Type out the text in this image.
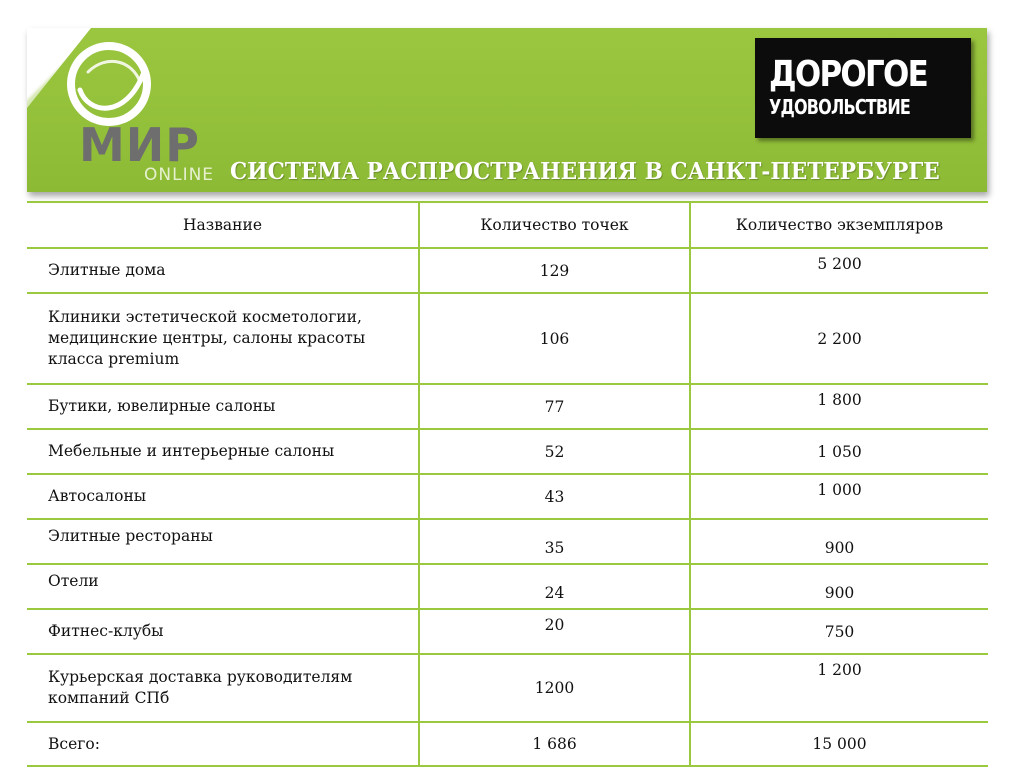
МИР
ONLINE
ДОРОГОЕ
УДОВОЛЬСТВИЕ
СИСТЕМА РАСПРОСТРАНЕНИЯ В САНКТ-ПЕТЕРБУРГЕ
Название	Количество точек	Количество экземпляров
Элитные дома	129	5 200
Клиники эстетической косметологии, медицинские центры, салоны красоты класса premium	106	2 200
Бутики, ювелирные салоны	77	1 800
Мебельные и интерьерные салоны	52	1 050
Автосалоны	43	1 000
Элитные рестораны	35	900
Отели	24	900
Фитнес-клубы	20	750
Курьерская доставка руководителям компаний СПб	1200	1 200
Всего:	1 686	15 000
